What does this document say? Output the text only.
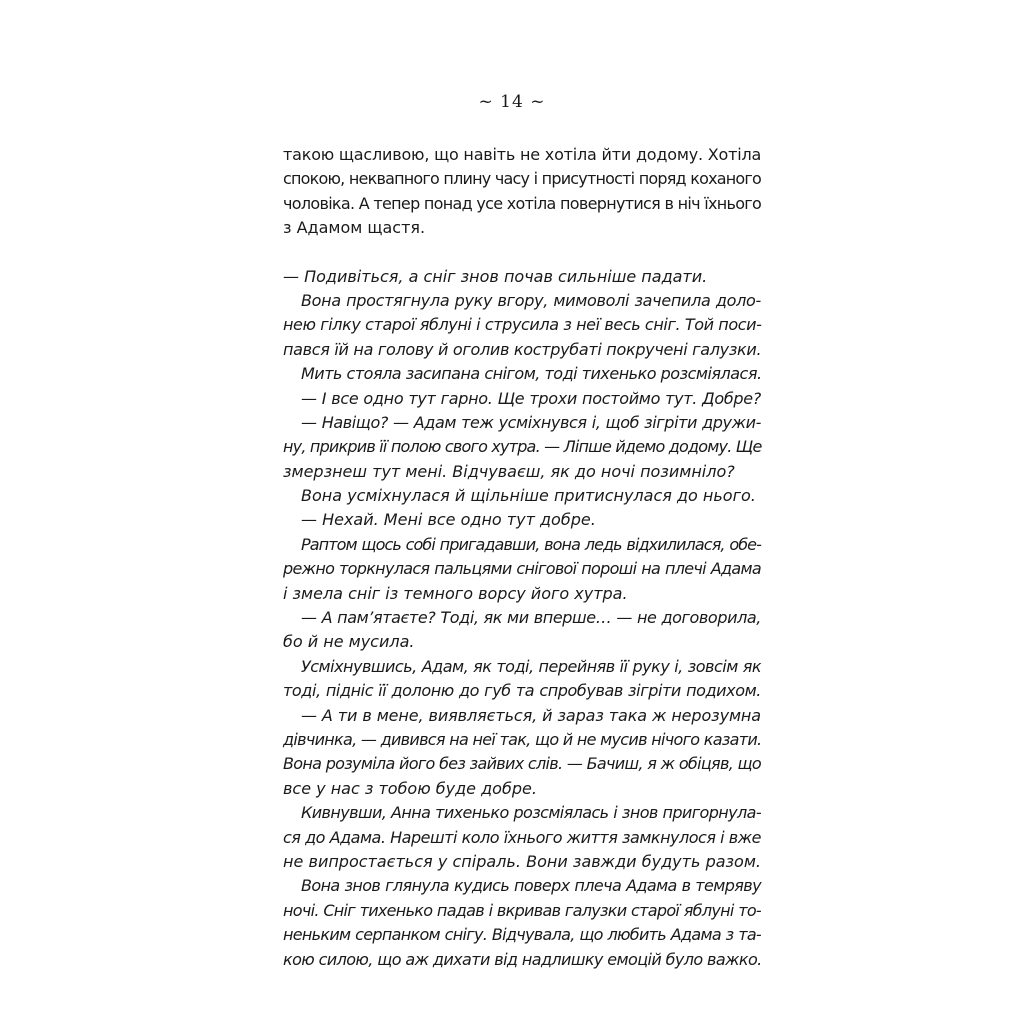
~ 14 ~
такою щасливою, що навіть не хотіла йти додому. Хотіла
спокою, неквапного плину часу і присутності поряд коханого
чоловіка. А тепер понад усе хотіла повернутися в ніч їхнього
з Адамом щастя.
— Подивіться, а сніг знов почав сильніше падати.
Вона простягнула руку вгору, мимоволі зачепила доло-
нею гілку старої яблуні і струсила з неї весь сніг. Той поси-
пався їй на голову й оголив кострубаті покручені галузки.
Мить стояла засипана снігом, тоді тихенько розсміялася.
— І все одно тут гарно. Ще трохи постоймо тут. Добре?
— Навіщо? — Адам теж усміхнувся і, щоб зігріти дружи-
ну, прикрив її полою свого хутра. — Ліпше йдемо додому. Ще
змерзнеш тут мені. Відчуваєш, як до ночі позимніло?
Вона усміхнулася й щільніше притиснулася до нього.
— Нехай. Мені все одно тут добре.
Раптом щось собі пригадавши, вона ледь відхилилася, обе-
режно торкнулася пальцями снігової пороші на плечі Адама
і змела сніг із темного ворсу його хутра.
— А пам’ятаєте? Тоді, як ми вперше… — не договорила,
бо й не мусила.
Усміхнувшись, Адам, як тоді, перейняв її руку і, зовсім як
тоді, підніс її долоню до губ та спробував зігріти подихом.
— А ти в мене, виявляється, й зараз така ж нерозумна
дівчинка, — дивився на неї так, що й не мусив нічого казати.
Вона розуміла його без зайвих слів. — Бачиш, я ж обіцяв, що
все у нас з тобою буде добре.
Кивнувши, Анна тихенько розсміялась і знов пригорнула-
ся до Адама. Нарешті коло їхнього життя замкнулося і вже
не випростається у спіраль. Вони завжди будуть разом.
Вона знов глянула кудись поверх плеча Адама в темряву
ночі. Сніг тихенько падав і вкривав галузки старої яблуні то-
неньким серпанком снігу. Відчувала, що любить Адама з та-
кою силою, що аж дихати від надлишку емоцій було важко.
